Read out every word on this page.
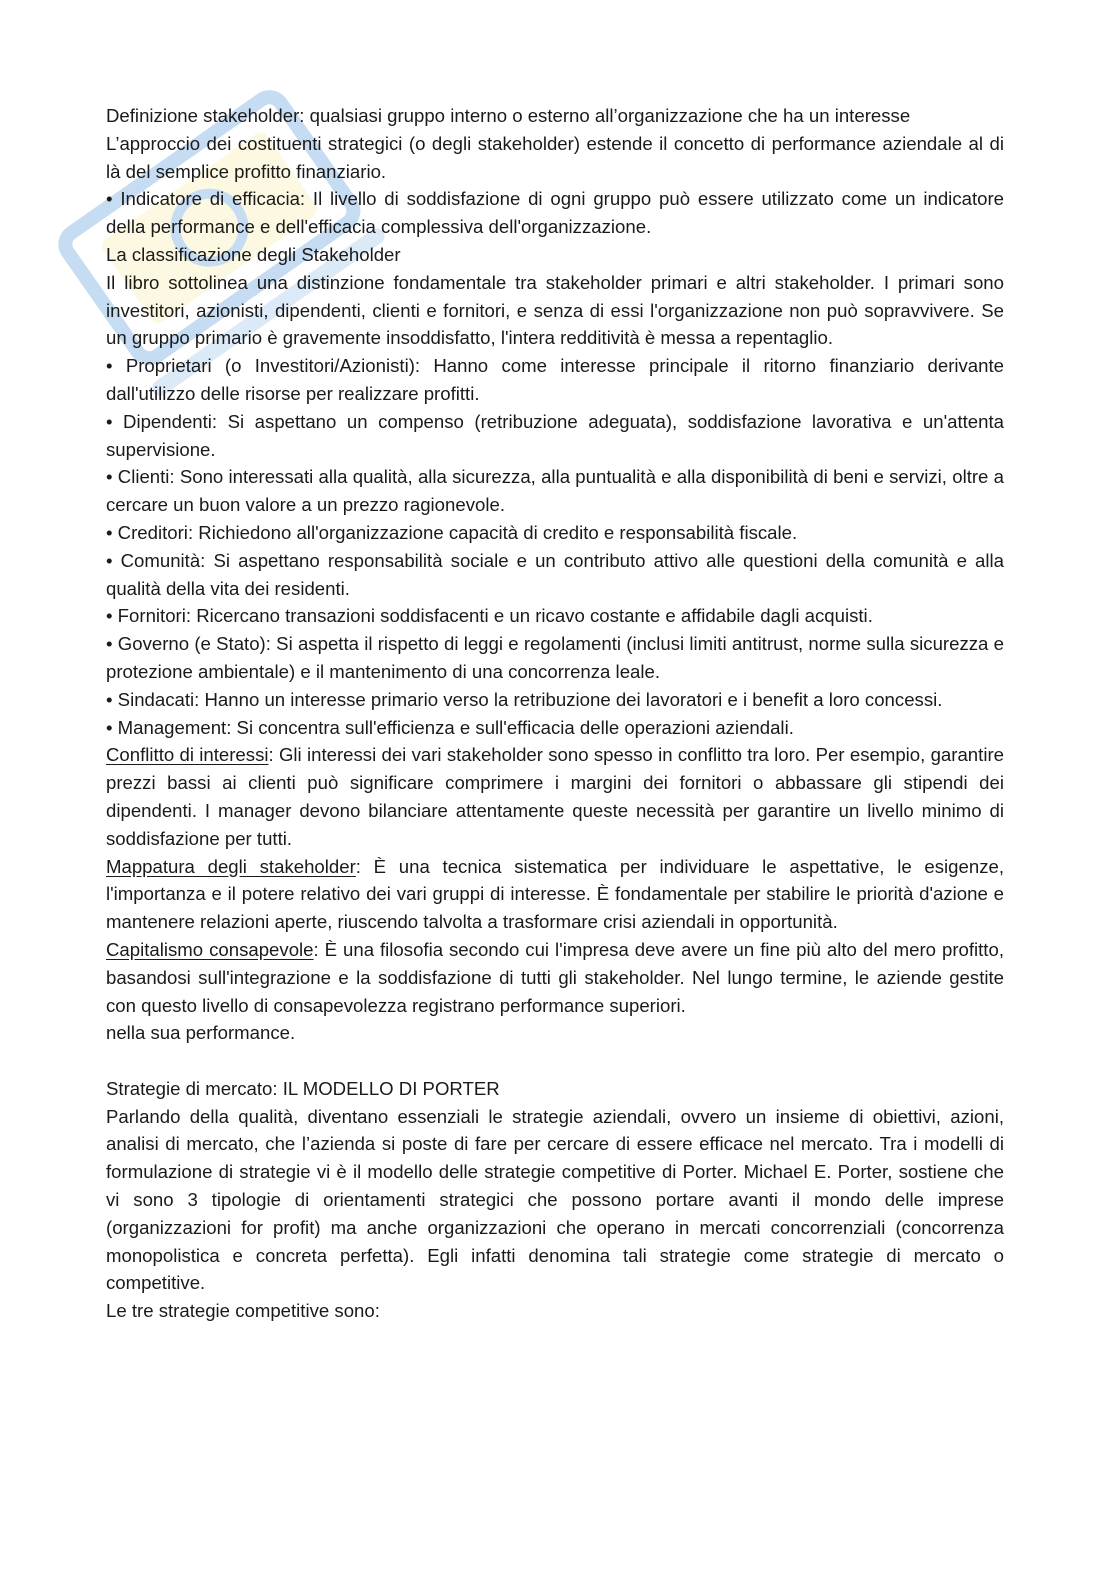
Definizione stakeholder: qualsiasi gruppo interno o esterno all’organizzazione che ha un interesse

L’approccio dei costituenti strategici (o degli stakeholder) estende il concetto di performance aziendale al di là del semplice profitto finanziario.

• Indicatore di efficacia: Il livello di soddisfazione di ogni gruppo può essere utilizzato come un indicatore della performance e dell'efficacia complessiva dell'organizzazione.

La classificazione degli Stakeholder

Il libro sottolinea una distinzione fondamentale tra stakeholder primari e altri stakeholder. I primari sono investitori, azionisti, dipendenti, clienti e fornitori, e senza di essi l'organizzazione non può sopravvivere. Se un gruppo primario è gravemente insoddisfatto, l'intera redditività è messa a repentaglio.

• Proprietari (o Investitori/Azionisti): Hanno come interesse principale il ritorno finanziario derivante dall'utilizzo delle risorse per realizzare profitti.

• Dipendenti: Si aspettano un compenso (retribuzione adeguata), soddisfazione lavorativa e un'attenta supervisione.

• Clienti: Sono interessati alla qualità, alla sicurezza, alla puntualità e alla disponibilità di beni e servizi, oltre a cercare un buon valore a un prezzo ragionevole.

• Creditori: Richiedono all'organizzazione capacità di credito e responsabilità fiscale.

• Comunità: Si aspettano responsabilità sociale e un contributo attivo alle questioni della comunità e alla qualità della vita dei residenti.

• Fornitori: Ricercano transazioni soddisfacenti e un ricavo costante e affidabile dagli acquisti.

• Governo (e Stato): Si aspetta il rispetto di leggi e regolamenti (inclusi limiti antitrust, norme sulla sicurezza e protezione ambientale) e il mantenimento di una concorrenza leale.

• Sindacati: Hanno un interesse primario verso la retribuzione dei lavoratori e i benefit a loro concessi.

• Management: Si concentra sull'efficienza e sull'efficacia delle operazioni aziendali.

Conflitto di interessi: Gli interessi dei vari stakeholder sono spesso in conflitto tra loro. Per esempio, garantire prezzi bassi ai clienti può significare comprimere i margini dei fornitori o abbassare gli stipendi dei dipendenti. I manager devono bilanciare attentamente queste necessità per garantire un livello minimo di soddisfazione per tutti.

Mappatura degli stakeholder: È una tecnica sistematica per individuare le aspettative, le esigenze, l'importanza e il potere relativo dei vari gruppi di interesse. È fondamentale per stabilire le priorità d'azione e mantenere relazioni aperte, riuscendo talvolta a trasformare crisi aziendali in opportunità.

Capitalismo consapevole: È una filosofia secondo cui l'impresa deve avere un fine più alto del mero profitto, basandosi sull'integrazione e la soddisfazione di tutti gli stakeholder. Nel lungo termine, le aziende gestite con questo livello di consapevolezza registrano performance superiori.

nella sua performance.

Strategie di mercato: IL MODELLO DI PORTER

Parlando della qualità, diventano essenziali le strategie aziendali, ovvero un insieme di obiettivi, azioni, analisi di mercato, che l’azienda si poste di fare per cercare di essere efficace nel mercato. Tra i modelli di formulazione di strategie vi è il modello delle strategie competitive di Porter. Michael E. Porter, sostiene che vi sono 3 tipologie di orientamenti strategici che possono portare avanti il mondo delle imprese (organizzazioni for profit) ma anche organizzazioni che operano in mercati concorrenziali (concorrenza monopolistica e concreta perfetta). Egli infatti denomina tali strategie come strategie di mercato o competitive.

Le tre strategie competitive sono:
